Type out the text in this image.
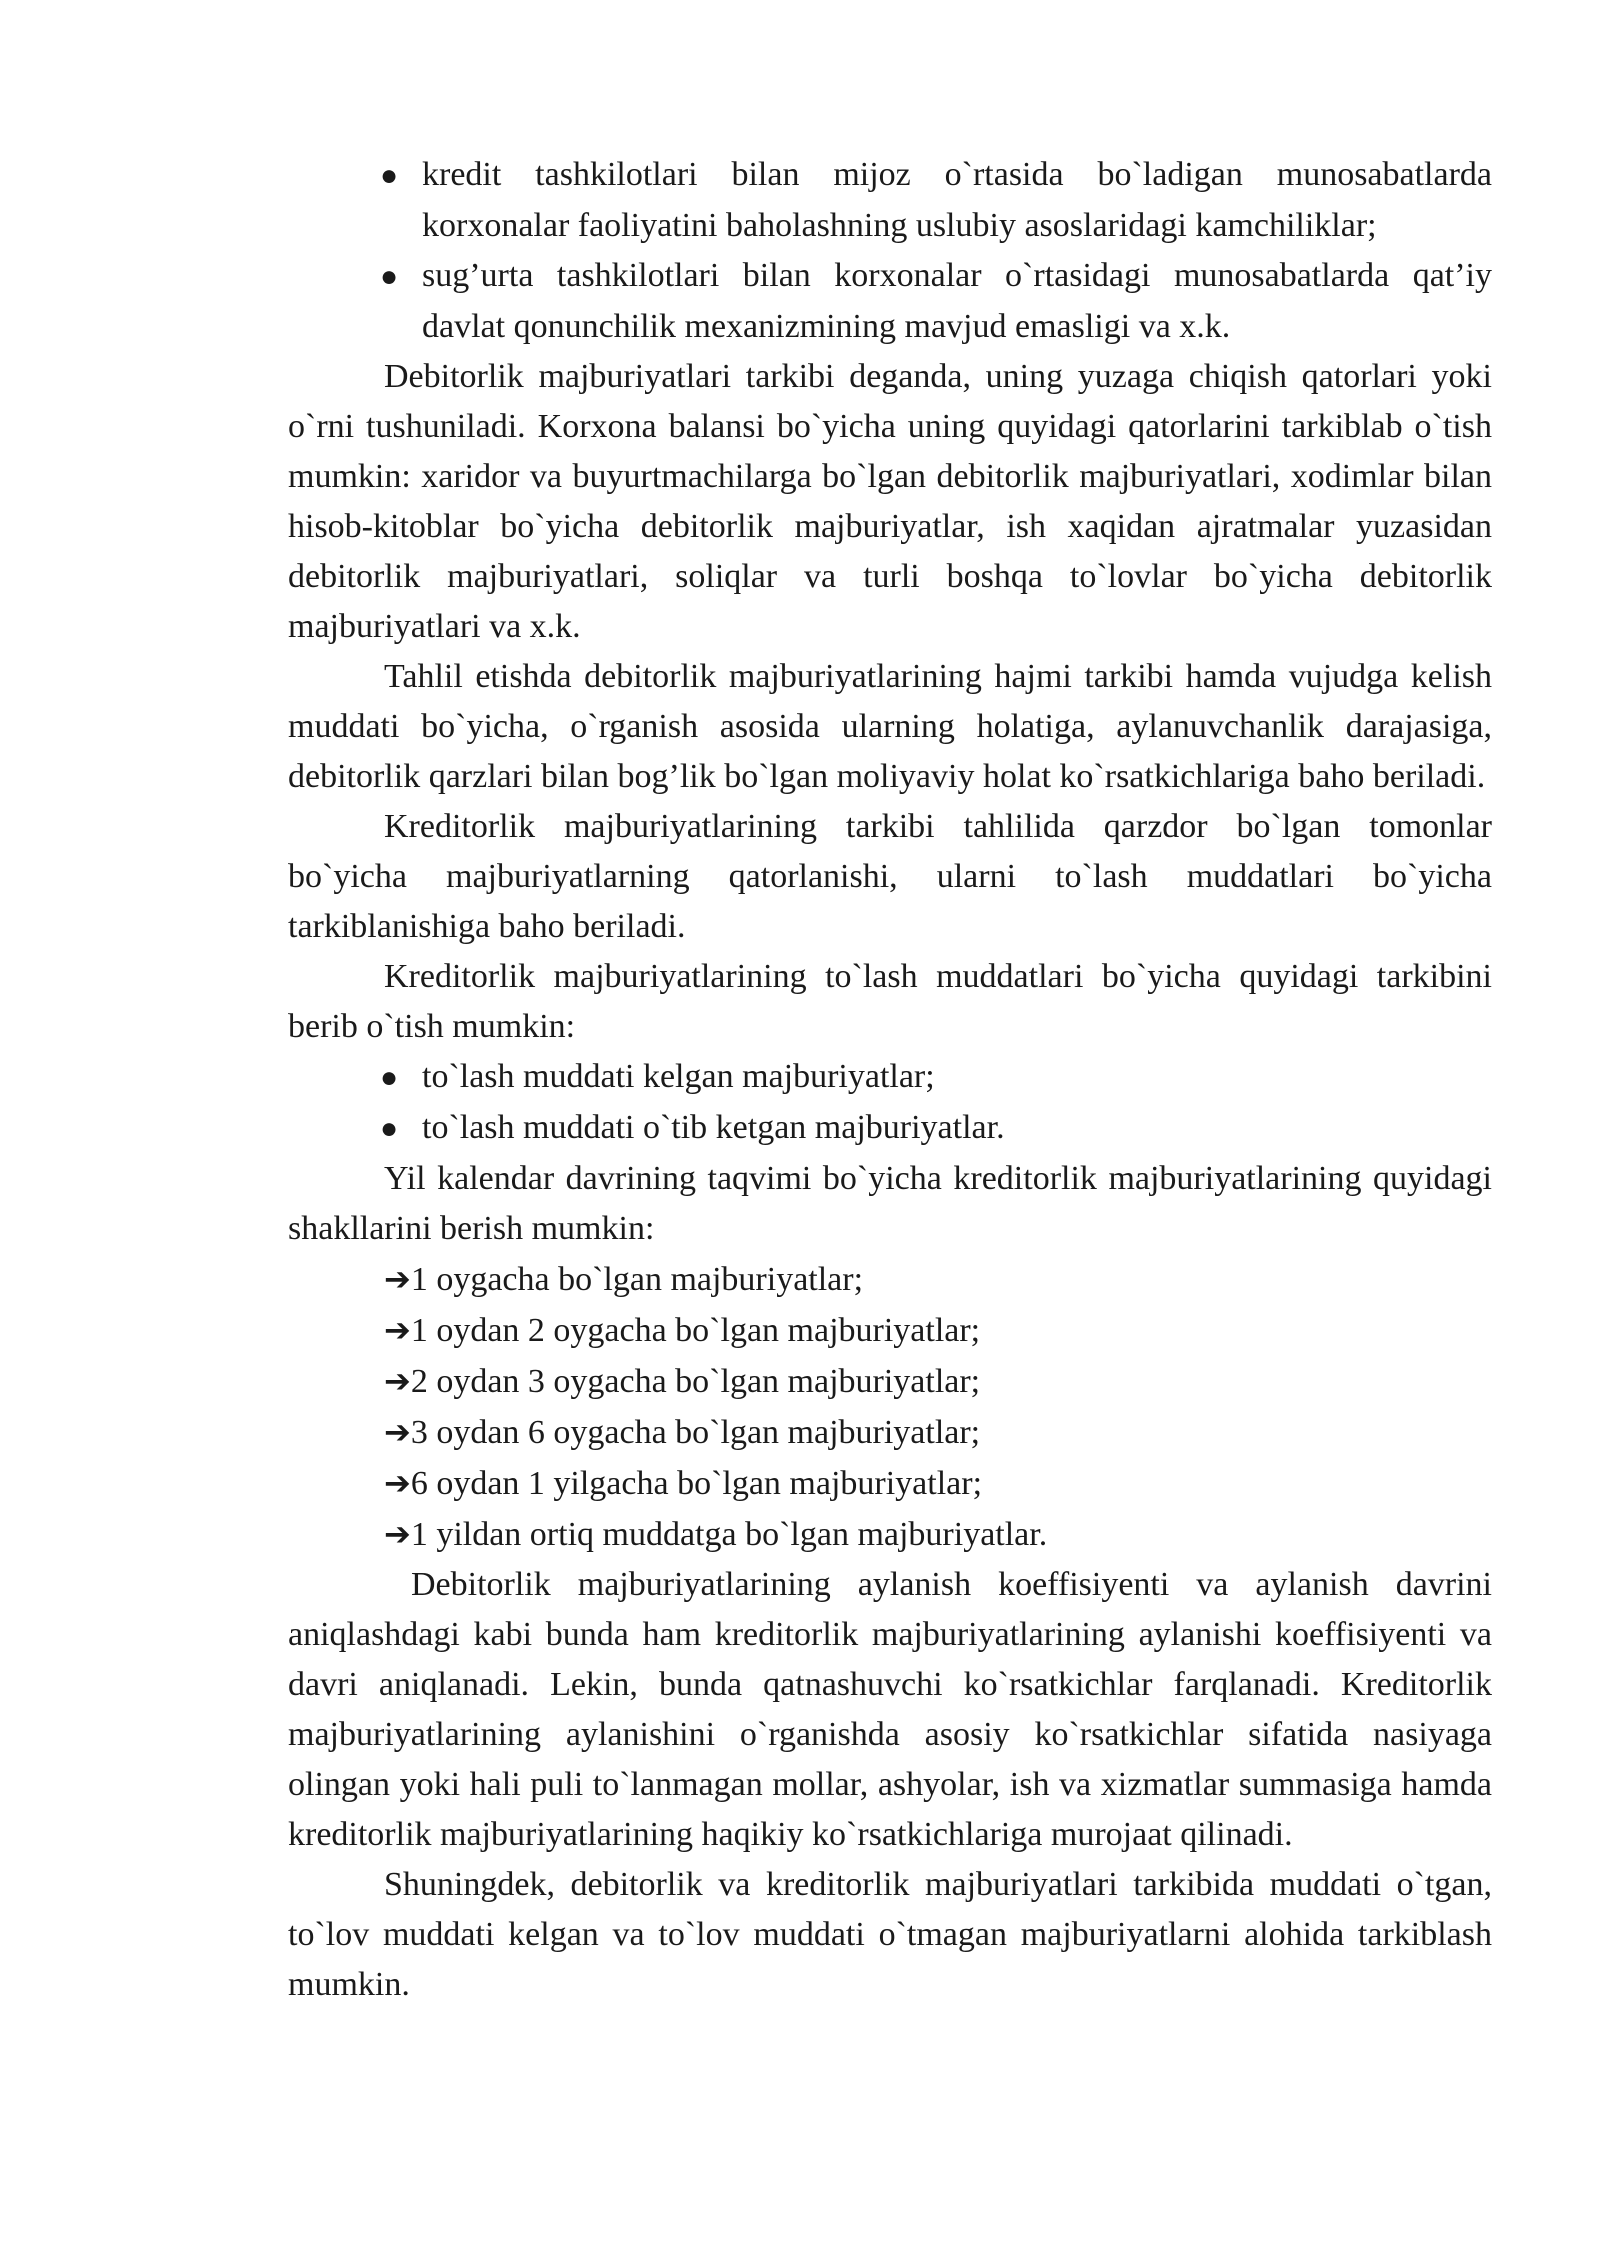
● kredit tashkilotlari bilan mijoz o`rtasida bo`ladigan munosabatlarda korxonalar faoliyatini baholashning uslubiy asoslaridagi kamchiliklar;

● sug’urta tashkilotlari bilan korxonalar o`rtasidagi munosabatlarda qat’iy davlat qonunchilik mexanizmining mavjud emasligi va x.k.

Debitorlik majburiyatlari tarkibi deganda, uning yuzaga chiqish qatorlari yoki o`rni tushuniladi. Korxona balansi bo`yicha uning quyidagi qatorlarini tarkiblab o`tish mumkin: xaridor va buyurtmachilarga bo`lgan debitorlik majburiyatlari, xodimlar bilan hisob-kitoblar bo`yicha debitorlik majburiyatlar, ish xaqidan ajratmalar yuzasidan debitorlik majburiyatlari, soliqlar va turli boshqa to`lovlar bo`yicha debitorlik majburiyatlari va x.k.

Tahlil etishda debitorlik majburiyatlarining hajmi tarkibi hamda vujudga kelish muddati bo`yicha, o`rganish asosida ularning holatiga, aylanuvchanlik darajasiga, debitorlik qarzlari bilan bog’lik bo`lgan moliyaviy holat ko`rsatkichlariga baho beriladi.

Kreditorlik majburiyatlarining tarkibi tahlilida qarzdor bo`lgan tomonlar bo`yicha majburiyatlarning qatorlanishi, ularni to`lash muddatlari bo`yicha tarkiblanishiga baho beriladi.

Kreditorlik majburiyatlarining to`lash muddatlari bo`yicha quyidagi tarkibini berib o`tish mumkin:

● to`lash muddati kelgan majburiyatlar;

● to`lash muddati o`tib ketgan majburiyatlar.

Yil kalendar davrining taqvimi bo`yicha kreditorlik majburiyatlarining quyidagi shakllarini berish mumkin:

➔1 oygacha bo`lgan majburiyatlar;

➔1 oydan 2 oygacha bo`lgan majburiyatlar;

➔2 oydan 3 oygacha bo`lgan majburiyatlar;

➔3 oydan 6 oygacha bo`lgan majburiyatlar;

➔6 oydan 1 yilgacha bo`lgan majburiyatlar;

➔1 yildan ortiq muddatga bo`lgan majburiyatlar.

Debitorlik majburiyatlarining aylanish koeffisiyenti va aylanish davrini aniqlashdagi kabi bunda ham kreditorlik majburiyatlarining aylanishi koeffisiyenti va davri aniqlanadi. Lekin, bunda qatnashuvchi ko`rsatkichlar farqlanadi. Kreditorlik majburiyatlarining aylanishini o`rganishda asosiy ko`rsatkichlar sifatida nasiyaga olingan yoki hali puli to`lanmagan mollar, ashyolar, ish va xizmatlar summasiga hamda kreditorlik majburiyatlarining haqikiy ko`rsatkichlariga murojaat qilinadi.

Shuningdek, debitorlik va kreditorlik majburiyatlari tarkibida muddati o`tgan, to`lov muddati kelgan va to`lov muddati o`tmagan majburiyatlarni alohida tarkiblash mumkin.
